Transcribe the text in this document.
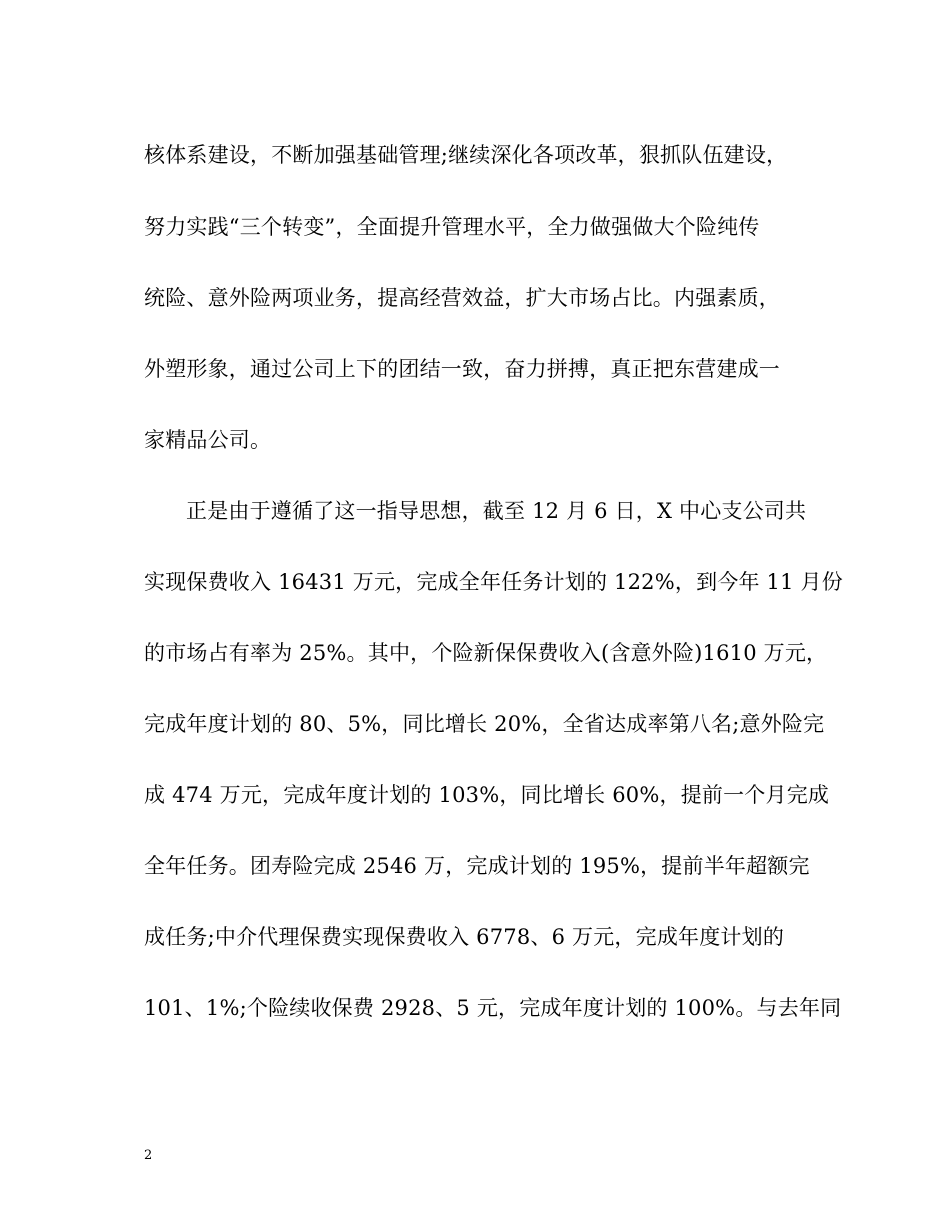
核体系建设，不断加强基础管理;继续深化各项改革，狠抓队伍建设，
努力实践“三个转变”，全面提升管理水平，全力做强做大个险纯传
统险、意外险两项业务，提高经营效益，扩大市场占比。内强素质，
外塑形象，通过公司上下的团结一致，奋力拼搏，真正把东营建成一
家精品公司。
正是由于遵循了这一指导思想，截至 12 月 6 日，X 中心支公司共
实现保费收入 16431 万元，完成全年任务计划的 122%，到今年 11 月份
的市场占有率为 25%。其中，个险新保保费收入(含意外险)1610 万元，
完成年度计划的 80、5%，同比增长 20%，全省达成率第八名;意外险完
成 474 万元，完成年度计划的 103%，同比增长 60%，提前一个月完成
全年任务。团寿险完成 2546 万，完成计划的 195%，提前半年超额完
成任务;中介代理保费实现保费收入 6778、6 万元，完成年度计划的
101、1%;个险续收保费 2928、5 元，完成年度计划的 100%。与去年同
2
